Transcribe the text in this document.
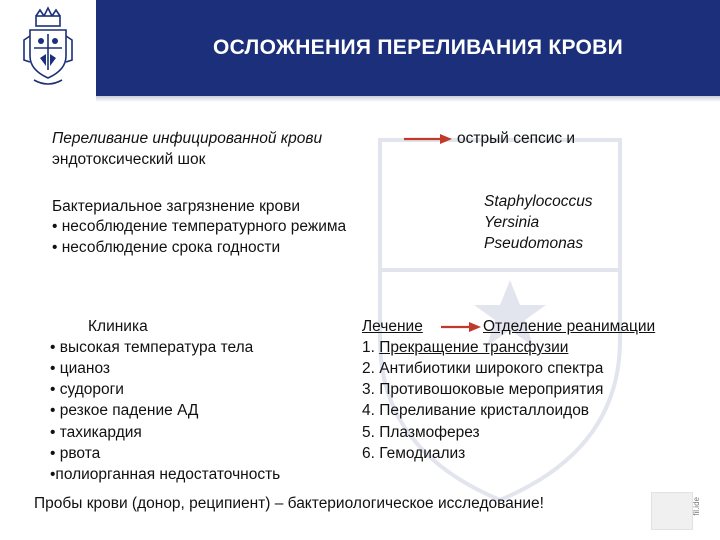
ОСЛОЖНЕНИЯ ПЕРЕЛИВАНИЯ КРОВИ
Переливание инфицированной крови	острый сепсис и
эндотоксический шок
Бактериальное загрязнение крови
• несоблюдение температурного режима
• несоблюдение срока годности
Staphylococcus
Yersinia
Pseudomonas
Клиника
• высокая температура тела
• цианоз
• судороги
• резкое падение АД
• тахикардия
• рвота
•полиорганная недостаточность
Лечение	Отделение реанимации
1. Прекращение трансфузии
2. Антибиотики широкого спектра
3. Противошоковые мероприятия
4. Переливание кристаллоидов
5. Плазмоферез
6. Гемодиализ
Пробы крови (донор, реципиент) – бактериологическое исследование!	fil.ide
